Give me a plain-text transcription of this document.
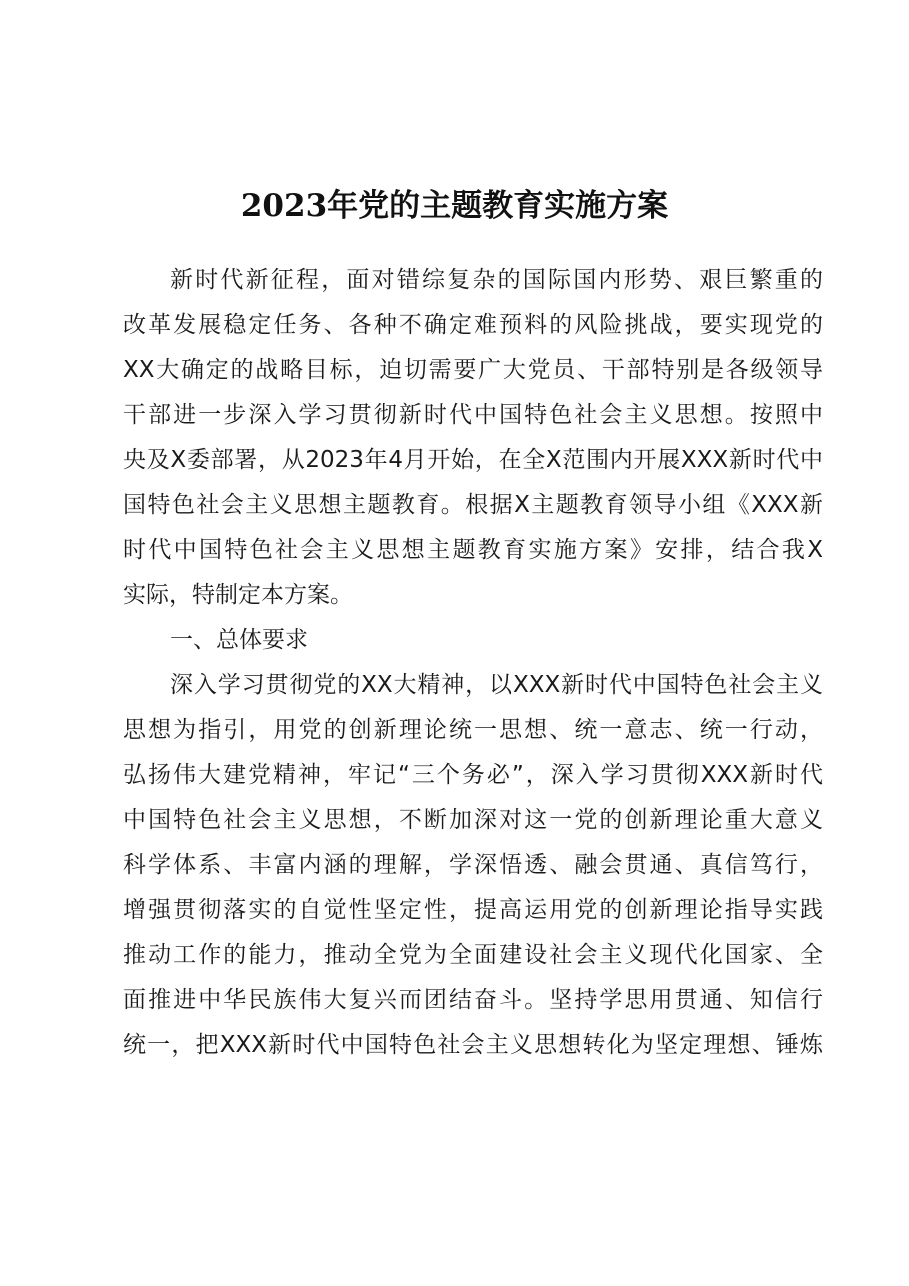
2023年党的主题教育实施方案

新时代新征程，面对错综复杂的国际国内形势、艰巨繁重的

改革发展稳定任务、各种不确定难预料的风险挑战，要实现党的

XX大确定的战略目标，迫切需要广大党员、干部特别是各级领导

干部进一步深入学习贯彻新时代中国特色社会主义思想。按照中

央及X委部署，从2023年4月开始，在全X范围内开展XXX新时代中

国特色社会主义思想主题教育。根据X主题教育领导小组《XXX新

时代中国特色社会主义思想主题教育实施方案》安排，结合我X

实际，特制定本方案。

一、总体要求

深入学习贯彻党的XX大精神，以XXX新时代中国特色社会主义

思想为指引，用党的创新理论统一思想、统一意志、统一行动，

弘扬伟大建党精神，牢记“三个务必”，深入学习贯彻XXX新时代

中国特色社会主义思想，不断加深对这一党的创新理论重大意义

科学体系、丰富内涵的理解，学深悟透、融会贯通、真信笃行，

增强贯彻落实的自觉性坚定性，提高运用党的创新理论指导实践

推动工作的能力，推动全党为全面建设社会主义现代化国家、全

面推进中华民族伟大复兴而团结奋斗。坚持学思用贯通、知信行

统一，把XXX新时代中国特色社会主义思想转化为坚定理想、锤炼
